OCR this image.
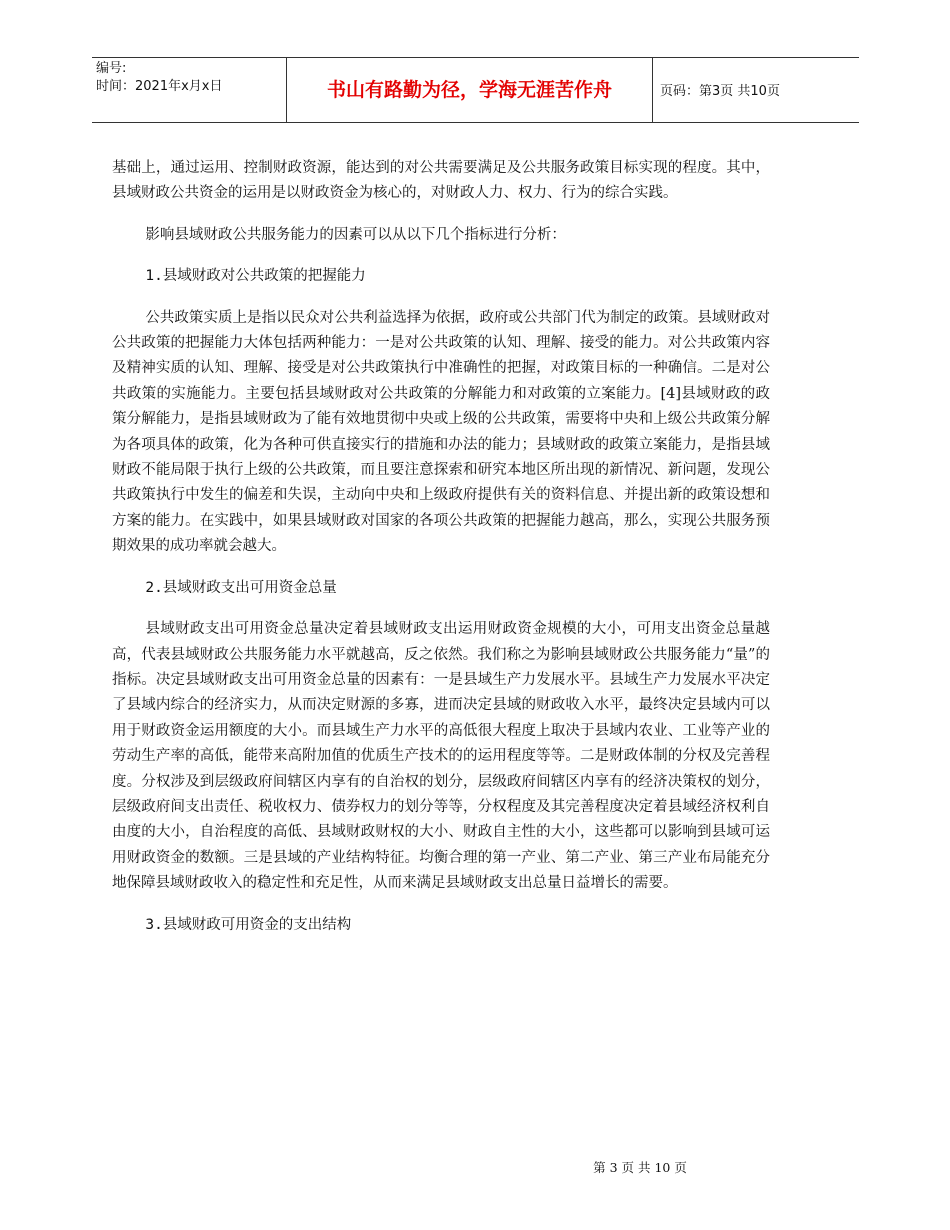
编号:
时间：2021年x月x日	书山有路勤为径，学海无涯苦作舟	页码：第3页 共10页

基础上，通过运用、控制财政资源，能达到的对公共需要满足及公共服务政策目标实现的程度。其中，县域财政公共资金的运用是以财政资金为核心的，对财政人力、权力、行为的综合实践。

影响县域财政公共服务能力的因素可以从以下几个指标进行分析：

1.县域财政对公共政策的把握能力

公共政策实质上是指以民众对公共利益选择为依据，政府或公共部门代为制定的政策。县域财政对公共政策的把握能力大体包括两种能力：一是对公共政策的认知、理解、接受的能力。对公共政策内容及精神实质的认知、理解、接受是对公共政策执行中准确性的把握，对政策目标的一种确信。二是对公共政策的实施能力。主要包括县域财政对公共政策的分解能力和对政策的立案能力。[4]县域财政的政策分解能力，是指县域财政为了能有效地贯彻中央或上级的公共政策，需要将中央和上级公共政策分解为各项具体的政策，化为各种可供直接实行的措施和办法的能力；县域财政的政策立案能力，是指县域财政不能局限于执行上级的公共政策，而且要注意探索和研究本地区所出现的新情况、新问题，发现公共政策执行中发生的偏差和失误，主动向中央和上级政府提供有关的资料信息、并提出新的政策设想和方案的能力。在实践中，如果县域财政对国家的各项公共政策的把握能力越高，那么，实现公共服务预期效果的成功率就会越大。

2.县域财政支出可用资金总量

县域财政支出可用资金总量决定着县域财政支出运用财政资金规模的大小，可用支出资金总量越高，代表县域财政公共服务能力水平就越高，反之依然。我们称之为影响县域财政公共服务能力“量”的指标。决定县域财政支出可用资金总量的因素有：一是县域生产力发展水平。县域生产力发展水平决定了县域内综合的经济实力，从而决定财源的多寡，进而决定县域的财政收入水平，最终决定县域内可以用于财政资金运用额度的大小。而县域生产力水平的高低很大程度上取决于县域内农业、工业等产业的劳动生产率的高低，能带来高附加值的优质生产技术的的运用程度等等。二是财政体制的分权及完善程度。分权涉及到层级政府间辖区内享有的自治权的划分，层级政府间辖区内享有的经济决策权的划分，层级政府间支出责任、税收权力、债券权力的划分等等，分权程度及其完善程度决定着县域经济权利自由度的大小，自治程度的高低、县域财政财权的大小、财政自主性的大小，这些都可以影响到县域可运用财政资金的数额。三是县域的产业结构特征。均衡合理的第一产业、第二产业、第三产业布局能充分地保障县域财政收入的稳定性和充足性，从而来满足县域财政支出总量日益增长的需要。

3.县域财政可用资金的支出结构

第 3 页 共 10 页
